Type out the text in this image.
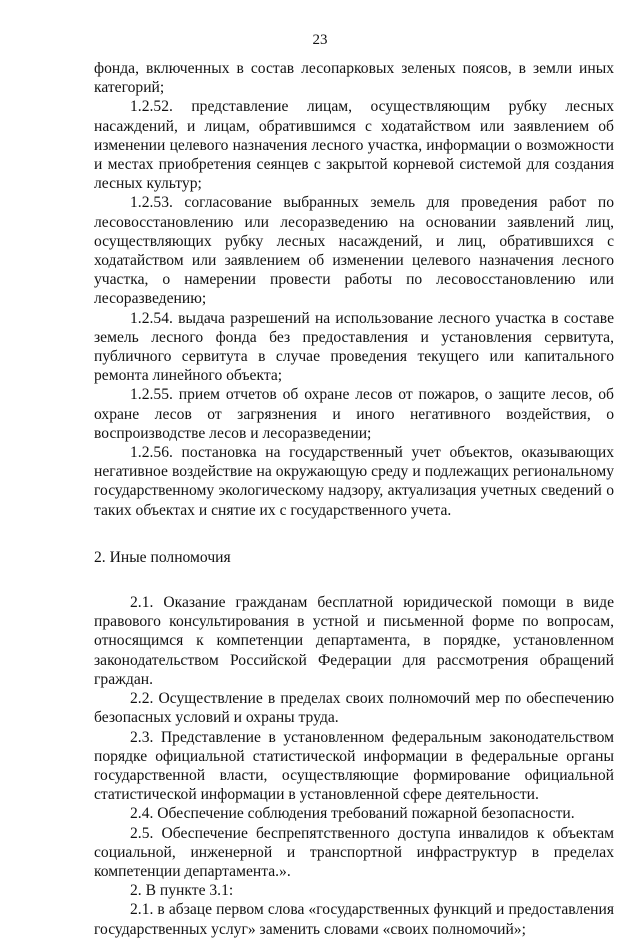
23

фонда, включенных в состав лесопарковых зеленых поясов, в земли иных категорий;

1.2.52. представление лицам, осуществляющим рубку лесных насаждений, и лицам, обратившимся с ходатайством или заявлением об изменении целевого назначения лесного участка, информации о возможности и местах приобретения сеянцев с закрытой корневой системой для создания лесных культур;

1.2.53. согласование выбранных земель для проведения работ по лесовосстановлению или лесоразведению на основании заявлений лиц, осуществляющих рубку лесных насаждений, и лиц, обратившихся с ходатайством или заявлением об изменении целевого назначения лесного участка, о намерении провести работы по лесовосстановлению или лесоразведению;

1.2.54. выдача разрешений на использование лесного участка в составе земель лесного фонда без предоставления и установления сервитута, публичного сервитута в случае проведения текущего или капитального ремонта линейного объекта;

1.2.55. прием отчетов об охране лесов от пожаров, о защите лесов, об охране лесов от загрязнения и иного негативного воздействия, о воспроизводстве лесов и лесоразведении;

1.2.56. постановка на государственный учет объектов, оказывающих негативное воздействие на окружающую среду и подлежащих региональному государственному экологическому надзору, актуализация учетных сведений о таких объектах и снятие их с государственного учета.

2. Иные полномочия

2.1. Оказание гражданам бесплатной юридической помощи в виде правового консультирования в устной и письменной форме по вопросам, относящимся к компетенции департамента, в порядке, установленном законодательством Российской Федерации для рассмотрения обращений граждан.

2.2. Осуществление в пределах своих полномочий мер по обеспечению безопасных условий и охраны труда.

2.3. Представление в установленном федеральным законодательством порядке официальной статистической информации в федеральные органы государственной власти, осуществляющие формирование официальной статистической информации в установленной сфере деятельности.

2.4. Обеспечение соблюдения требований пожарной безопасности.

2.5. Обеспечение беспрепятственного доступа инвалидов к объектам социальной, инженерной и транспортной инфраструктур в пределах компетенции департамента.».

2. В пункте 3.1:

2.1. в абзаце первом слова «государственных функций и предоставления государственных услуг» заменить словами «своих полномочий»;
